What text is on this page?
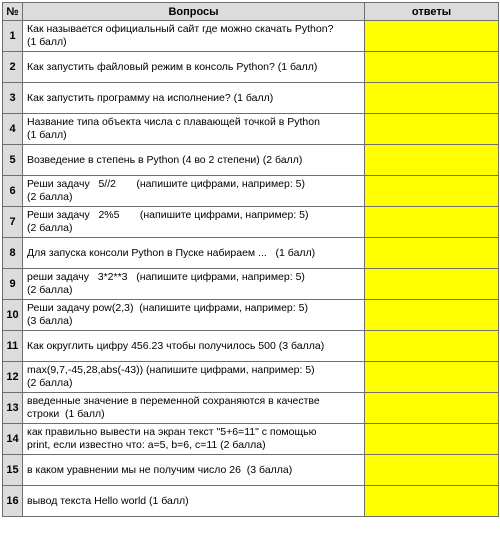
№	Вопросы	ответы
1	Как называется официальный сайт где можно скачать Python?
(1 балл)	
2	Как запустить файловый режим в консоль Python? (1 балл)	
3	Как запустить программу на исполнение? (1 балл)	
4	Название типа объекта числа с плавающей точкой в Python
(1 балл)	
5	Возведение в степень в Python (4 во 2 степени) (2 балл)	
6	Реши задачу   5//2       (напишите цифрами, например: 5)
(2 балла)	
7	Реши задачу   2%5       (напишите цифрами, например: 5)
(2 балла)	
8	Для запуска консоли Python в Пуске набираем ...   (1 балл)	
9	реши задачу   3*2**3   (напишите цифрами, например: 5)
(2 балла)	
10	Реши задачу pow(2,3)  (напишите цифрами, например: 5)
(3 балла)	
11	Как округлить цифру 456.23 чтобы получилось 500 (3 балла)	
12	max(9,7,-45,28,abs(-43)) (напишите цифрами, например: 5)
(2 балла)	
13	введенные значение в переменной сохраняются в качестве
строки  (1 балл)	
14	как правильно вывести на экран текст "5+6=11" с помощью
print, если известно что: a=5, b=6, c=11 (2 балла)	
15	в каком уравнении мы не получим число 26  (3 балла)	
16	вывод текста Hello world (1 балл)	
